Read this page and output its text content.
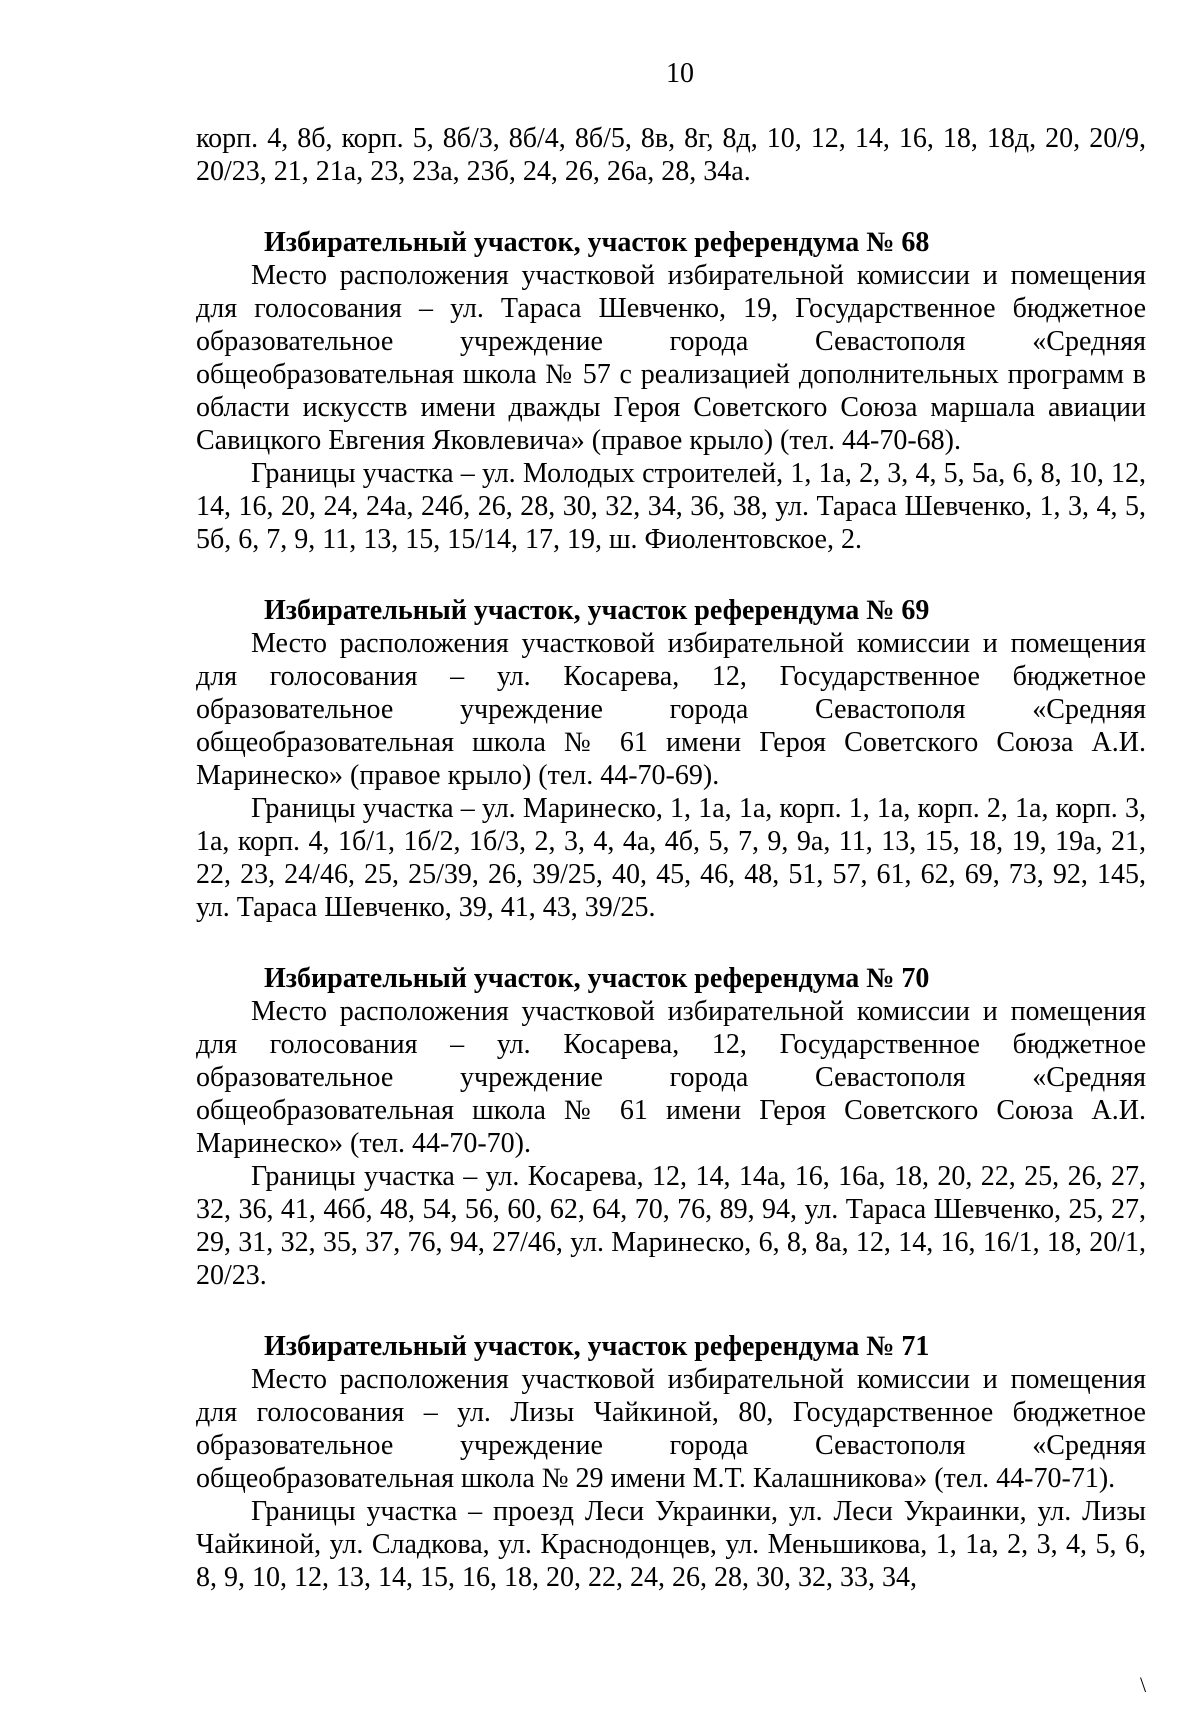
10

корп. 4, 8б, корп. 5, 8б/3, 8б/4, 8б/5, 8в, 8г, 8д, 10, 12, 14, 16, 18, 18д, 20, 20/9, 20/23, 21, 21а, 23, 23а, 23б, 24, 26, 26а, 28, 34а.

Избирательный участок, участок референдума № 68

Место расположения участковой избирательной комиссии и помещения для голосования – ул. Тараса Шевченко, 19, Государственное бюджетное образовательное учреждение города Севастополя «Средняя общеобразовательная школа № 57 с реализацией дополнительных программ в области искусств имени дважды Героя Советского Союза маршала авиации Савицкого Евгения Яковлевича» (правое крыло) (тел. 44-70-68).

Границы участка – ул. Молодых строителей, 1, 1а, 2, 3, 4, 5, 5а, 6, 8, 10, 12, 14, 16, 20, 24, 24а, 24б, 26, 28, 30, 32, 34, 36, 38, ул. Тараса Шевченко, 1, 3, 4, 5, 5б, 6, 7, 9, 11, 13, 15, 15/14, 17, 19, ш. Фиолентовское, 2.

Избирательный участок, участок референдума № 69

Место расположения участковой избирательной комиссии и помещения для голосования – ул. Косарева, 12, Государственное бюджетное образовательное учреждение города Севастополя «Средняя общеобразовательная школа № 61 имени Героя Советского Союза А.И. Маринеско» (правое крыло) (тел. 44-70-69).

Границы участка – ул. Маринеско, 1, 1а, 1а, корп. 1, 1а, корп. 2, 1а, корп. 3, 1а, корп. 4, 1б/1, 1б/2, 1б/3, 2, 3, 4, 4а, 4б, 5, 7, 9, 9а, 11, 13, 15, 18, 19, 19а, 21, 22, 23, 24/46, 25, 25/39, 26, 39/25, 40, 45, 46, 48, 51, 57, 61, 62, 69, 73, 92, 145, ул. Тараса Шевченко, 39, 41, 43, 39/25.

Избирательный участок, участок референдума № 70

Место расположения участковой избирательной комиссии и помещения для голосования – ул. Косарева, 12, Государственное бюджетное образовательное учреждение города Севастополя «Средняя общеобразовательная школа № 61 имени Героя Советского Союза А.И. Маринеско» (тел. 44-70-70).

Границы участка – ул. Косарева, 12, 14, 14а, 16, 16а, 18, 20, 22, 25, 26, 27, 32, 36, 41, 46б, 48, 54, 56, 60, 62, 64, 70, 76, 89, 94, ул. Тараса Шевченко, 25, 27, 29, 31, 32, 35, 37, 76, 94, 27/46, ул. Маринеско, 6, 8, 8а, 12, 14, 16, 16/1, 18, 20/1, 20/23.

Избирательный участок, участок референдума № 71

Место расположения участковой избирательной комиссии и помещения для голосования – ул. Лизы Чайкиной, 80, Государственное бюджетное образовательное учреждение города Севастополя «Средняя общеобразовательная школа № 29 имени М.Т. Калашникова» (тел. 44-70-71).

Границы участка – проезд Леси Украинки, ул. Леси Украинки, ул. Лизы Чайкиной, ул. Сладкова, ул. Краснодонцев, ул. Меньшикова, 1, 1а, 2, 3, 4, 5, 6, 8, 9, 10, 12, 13, 14, 15, 16, 18, 20, 22, 24, 26, 28, 30, 32, 33, 34,

\
